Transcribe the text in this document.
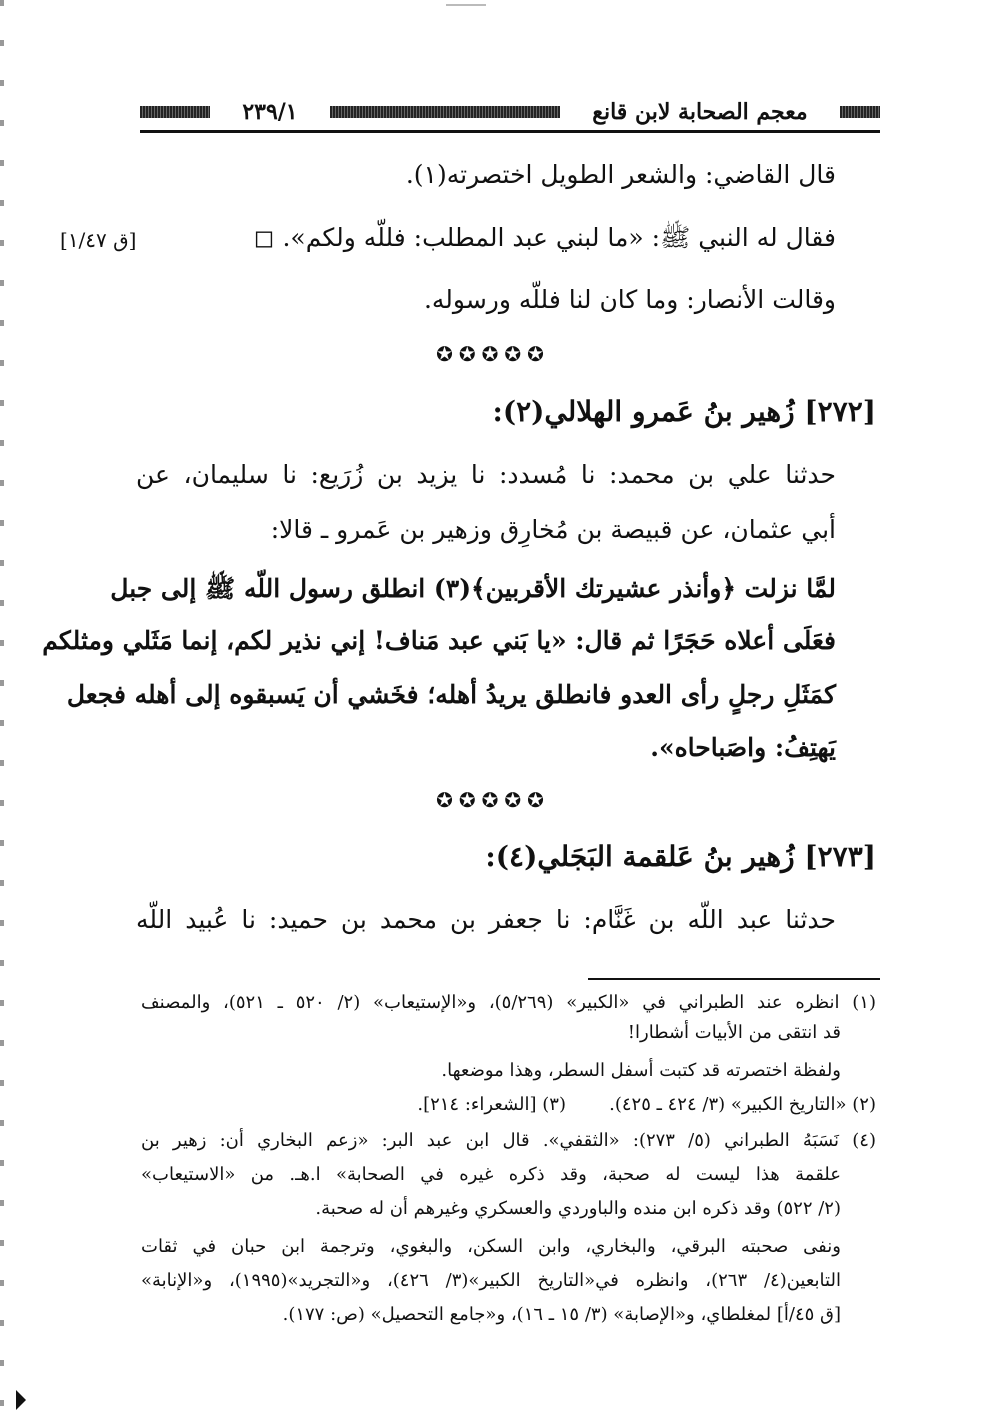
٢٣٩/١	معجم الصحابة لابن قانع
قال القاضي: والشعر الطويل اختصرته(١).
فقال له النبي ﷺ: «ما لبني عبد المطلب: فللّه ولكم». ◻
[ق ١/٤٧]
وقالت الأنصار: وما كان لنا فللّه ورسوله.
✪✪✪✪✪
[٢٧٢] زُهير بنُ عَمرو الهلالي(٢):
حدثنا علي بن محمد: نا مُسدد: نا يزيد بن زُرَيع: نا سليمان، عن
أبي عثمان، عن قبيصة بن مُخارِق وزهير بن عَمرو ـ قالا:
لمَّا نزلت ﴿وأنذر عشيرتك الأقربين﴾(٣) انطلق رسول اللّه ﷺ إلى جبل
فعَلَى أعلاه حَجَرًا ثم قال: «يا بَني عبد مَناف! إني نذير لكم، إنما مَثَلي ومثلكم
كمَثَلِ رجلٍ رأى العدو فانطلق يريدُ أهله؛ فخَشي أن يَسبقوه إلى أهله فجعل
يَهتِفُ: واصَباحاه».
✪✪✪✪✪
[٢٧٣] زُهير بنُ عَلقمة البَجَلي(٤):
حدثنا عبد اللّه بن غَنَّام: نا جعفر بن محمد بن حميد: نا عُبيد اللّه
(١) انظره عند الطبراني في «الكبير» (٥/٢٦٩)، و«الإستيعاب» (٢/ ٥٢٠ ـ ٥٢١)، والمصنف
قد انتقى من الأبيات أشطارا!
ولفظة اختصرته قد كتبت أسفل السطر، وهذا موضعها.
(٢) «التاريخ الكبير» (٣/ ٤٢٤ ـ ٤٢٥).
(٣) [الشعراء: ٢١٤].
(٤) نَسَبَهُ الطبراني (٥/ ٢٧٣): «الثقفي». قال ابن عبد البر: «زعم البخاري أن: زهير بن
علقمة هذا ليست له صحبة، وقد ذكره غيره في الصحابة» ا.هـ. من «الاستيعاب»
(٢/ ٥٢٢) وقد ذكره ابن منده والباوردي والعسكري وغيرهم أن له صحبة.
ونفى صحبته البرقي، والبخاري، وابن السكن، والبغوي، وترجمة ابن حبان في ثقات
التابعين(٤/ ٢٦٣)، وانظره في«التاريخ الكبير»(٣/ ٤٢٦)، و«التجريد»(١٩٩٥)، و«الإنابة»
[ق ٤٥/أ] لمغلطاي، و«الإصابة» (٣/ ١٥ ـ ١٦)، و«جامع التحصيل» (ص: ١٧٧).
